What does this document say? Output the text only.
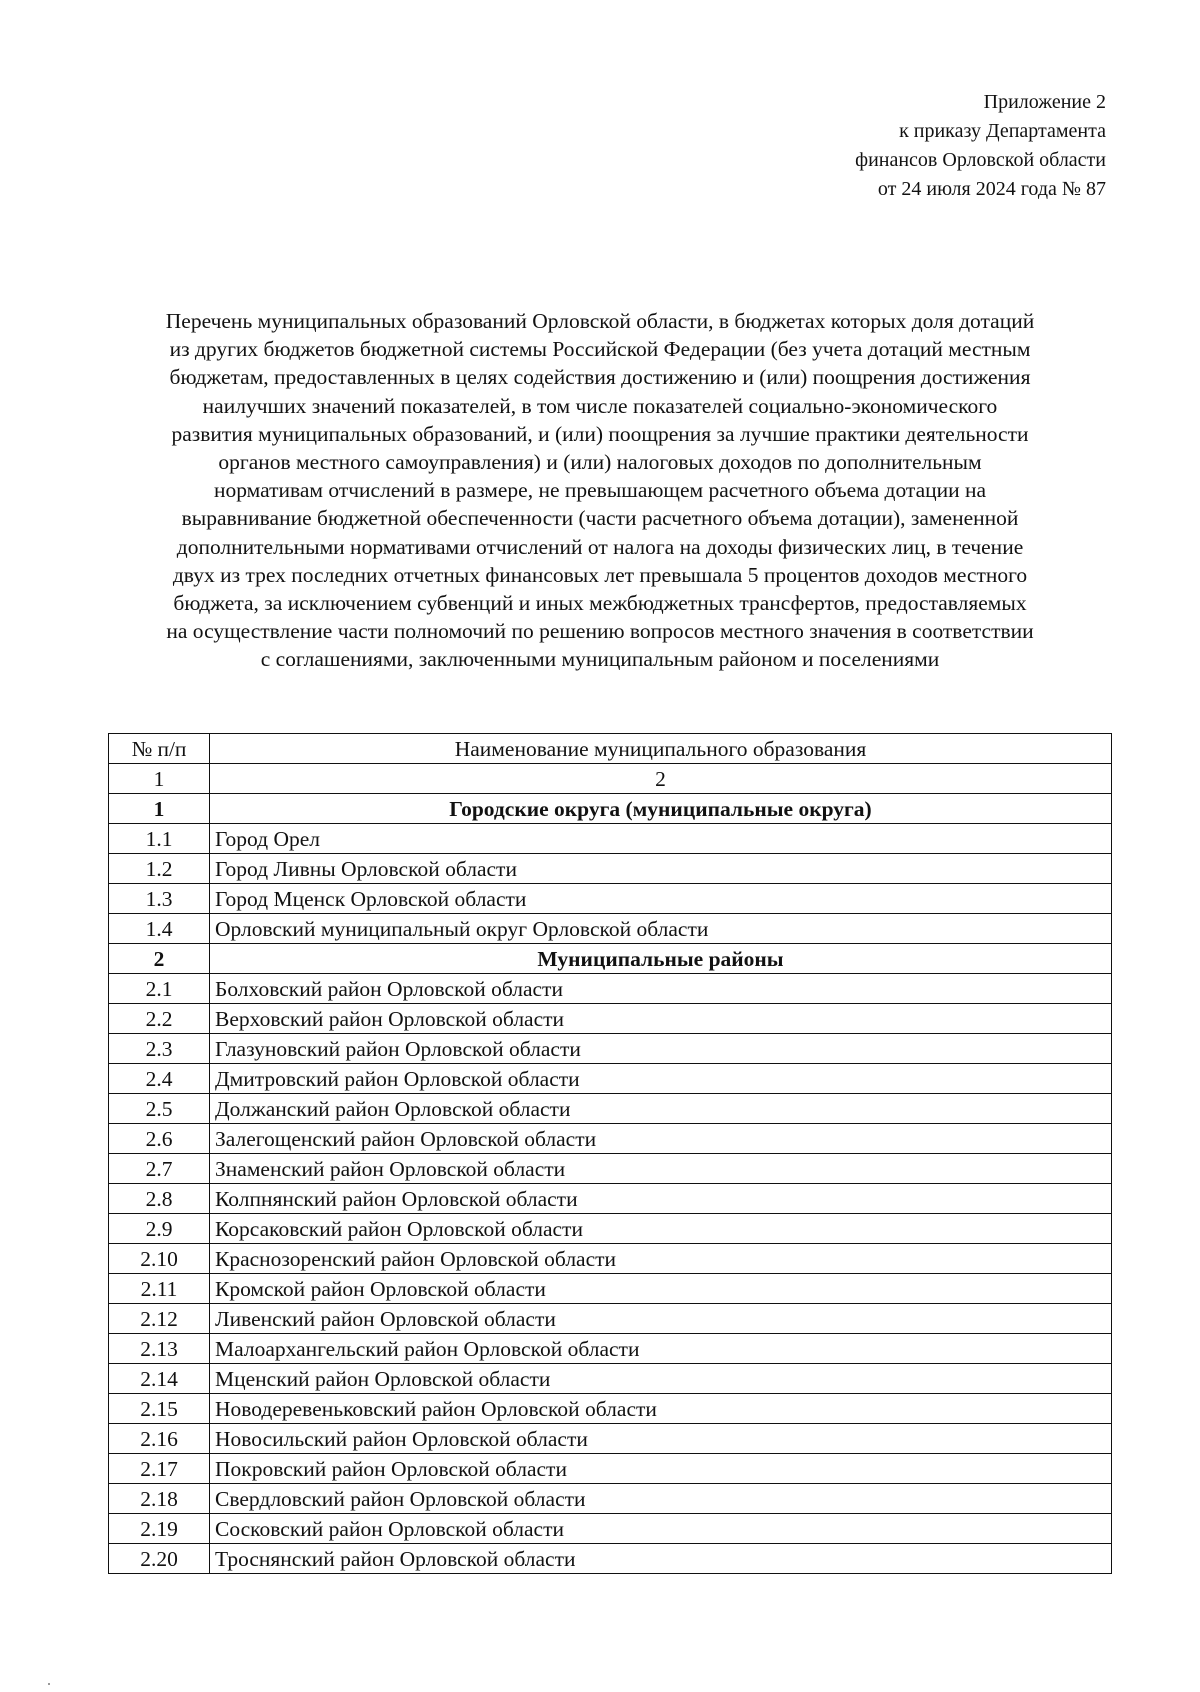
Приложение 2
к приказу Департамента
финансов Орловской области
от 24 июля 2024 года № 87
Перечень муниципальных образований Орловской области, в бюджетах которых доля дотаций
из других бюджетов бюджетной системы Российской Федерации (без учета дотаций местным
бюджетам, предоставленных в целях содействия достижению и (или) поощрения достижения
наилучших значений показателей, в том числе показателей социально-экономического
развития муниципальных образований, и (или) поощрения за лучшие практики деятельности
органов местного самоуправления) и (или) налоговых доходов по дополнительным
нормативам отчислений в размере, не превышающем расчетного объема дотации на
выравнивание бюджетной обеспеченности (части расчетного объема дотации), замененной
дополнительными нормативами отчислений от налога на доходы физических лиц, в течение
двух из трех последних отчетных финансовых лет превышала 5 процентов доходов местного
бюджета, за исключением субвенций и иных межбюджетных трансфертов, предоставляемых
на осуществление части полномочий по решению вопросов местного значения в соответствии
с соглашениями, заключенными муниципальным районом и поселениями
№ п/п	Наименование муниципального образования
1	2
1	Городские округа (муниципальные округа)
1.1	Город Орел
1.2	Город Ливны Орловской области
1.3	Город Мценск Орловской области
1.4	Орловский муниципальный округ Орловской области
2	Муниципальные районы
2.1	Болховский район Орловской области
2.2	Верховский район Орловской области
2.3	Глазуновский район Орловской области
2.4	Дмитровский район Орловской области
2.5	Должанский район Орловской области
2.6	Залегощенский район Орловской области
2.7	Знаменский район Орловской области
2.8	Колпнянский район Орловской области
2.9	Корсаковский район Орловской области
2.10	Краснозоренский район Орловской области
2.11	Кромской район Орловской области
2.12	Ливенский район Орловской области
2.13	Малоархангельский район Орловской области
2.14	Мценский район Орловской области
2.15	Новодеревеньковский район Орловской области
2.16	Новосильский район Орловской области
2.17	Покровский район Орловской области
2.18	Свердловский район Орловской области
2.19	Сосковский район Орловской области
2.20	Троснянский район Орловской области
